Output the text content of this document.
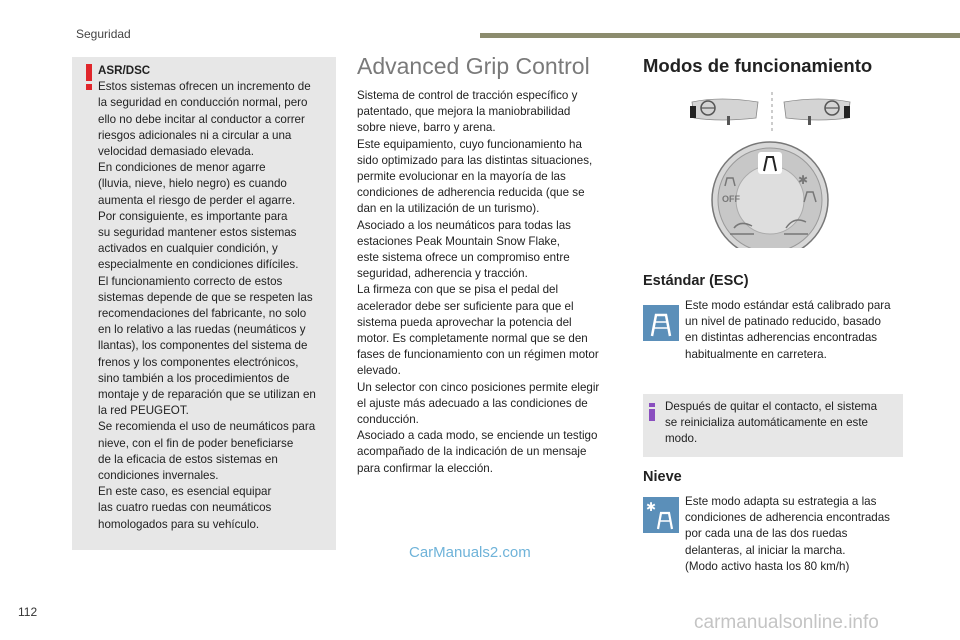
Seguridad
ASR/DSC
Estos sistemas ofrecen un incremento de
la seguridad en conducción normal, pero
ello no debe incitar al conductor a correr
riesgos adicionales ni a circular a una
velocidad demasiado elevada.
En condiciones de menor agarre
(lluvia, nieve, hielo negro) es cuando
aumenta el riesgo de perder el agarre.
Por consiguiente, es importante para
su seguridad mantener estos sistemas
activados en cualquier condición, y
especialmente en condiciones difíciles.
El funcionamiento correcto de estos
sistemas depende de que se respeten las
recomendaciones del fabricante, no solo
en lo relativo a las ruedas (neumáticos y
llantas), los componentes del sistema de
frenos y los componentes electrónicos,
sino también a los procedimientos de
montaje y de reparación que se utilizan en
la red PEUGEOT.
Se recomienda el uso de neumáticos para
nieve, con el fin de poder beneficiarse
de la eficacia de estos sistemas en
condiciones invernales.
En este caso, es esencial equipar
las cuatro ruedas con neumáticos
homologados para su vehículo.
Advanced Grip Control
Sistema de control de tracción específico y
patentado, que mejora la maniobrabilidad
sobre nieve, barro y arena.
Este equipamiento, cuyo funcionamiento ha
sido optimizado para las distintas situaciones,
permite evolucionar en la mayoría de las
condiciones de adherencia reducida (que se
dan en la utilización de un turismo).
Asociado a los neumáticos para todas las
estaciones Peak Mountain Snow Flake,
este sistema ofrece un compromiso entre
seguridad, adherencia y tracción.
La firmeza con que se pisa el pedal del
acelerador debe ser suficiente para que el
sistema pueda aprovechar la potencia del
motor. Es completamente normal que se den
fases de funcionamiento con un régimen motor
elevado.
Un selector con cinco posiciones permite elegir
el ajuste más adecuado a las condiciones de
conducción.
Asociado a cada modo, se enciende un testigo
acompañado de la indicación de un mensaje
para confirmar la elección.
Modos de funcionamiento
OFF
✱
Estándar (ESC)
Este modo estándar está calibrado para
un nivel de patinado reducido, basado
en distintas adherencias encontradas
habitualmente en carretera.
Después de quitar el contacto, el sistema
se reinicializa automáticamente en este
modo.
Nieve
✱ Este modo adapta su estrategia a las
condiciones de adherencia encontradas
por cada una de las dos ruedas
delanteras, al iniciar la marcha.
(Modo activo hasta los 80 km/h)
112
CarManuals2.com
carmanualsonline.info
